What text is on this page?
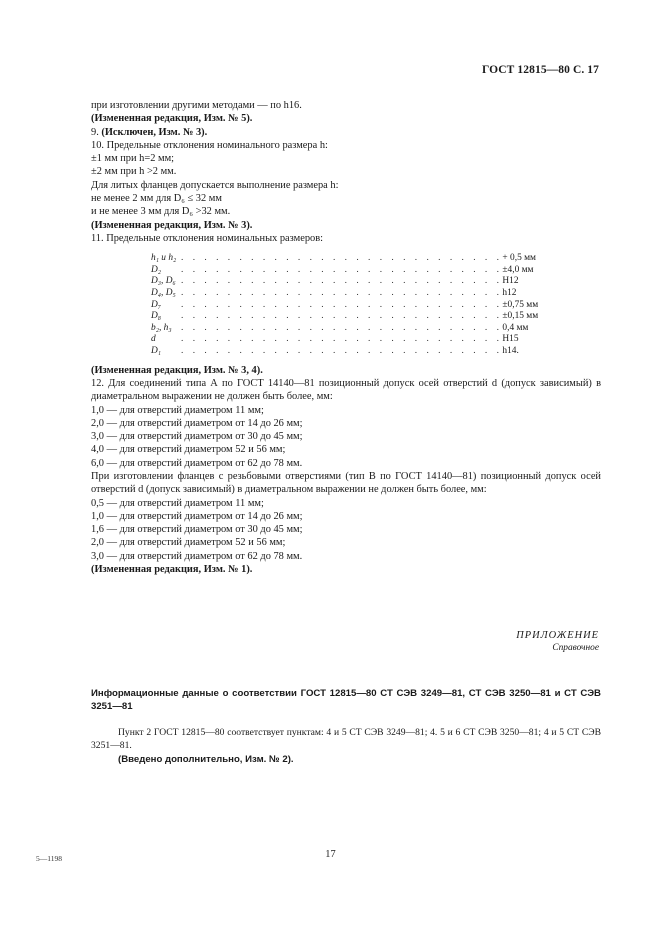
ГОСТ 12815—80 С. 17
при изготовлении другими методами — по h16.
(Измененная редакция, Изм. № 5).
9. (Исключен, Изм. № 3).
10. Предельные отклонения номинального размера h:
±1 мм при h=2 мм;
±2 мм при h >2 мм.
Для литых фланцев допускается выполнение размера h:
не менее 2 мм для D₆ ≤ 32 мм
и не менее 3 мм для D₆ >32 мм.
(Измененная редакция, Изм. № 3).
11. Предельные отклонения номинальных размеров:
h₁ и h₂	. . . . . . . . . . . . . . . . . . . . . . . . . . . .	+ 0,5 мм
D₂	. . . . . . . . . . . . . . . . . . . . . . . . . . . .	±4,0 мм
D₃, D₆	. . . . . . . . . . . . . . . . . . . . . . . . . . . .	H12
D₄, D₅	. . . . . . . . . . . . . . . . . . . . . . . . . . . .	h12
D₇	. . . . . . . . . . . . . . . . . . . . . . . . . . . .	±0,75 мм
D₈	. . . . . . . . . . . . . . . . . . . . . . . . . . . .	±0,15 мм
b₂, h₃	. . . . . . . . . . . . . . . . . . . . . . . . . . . .	0,4 мм
d	. . . . . . . . . . . . . . . . . . . . . . . . . . . .	H15
D₁	. . . . . . . . . . . . . . . . . . . . . . . . . . . .	h14.
(Измененная редакция, Изм. № 3, 4).
12. Для соединений типа А по ГОСТ 14140—81 позиционный допуск осей отверстий d (допуск зависимый) в диаметральном выражении не должен быть более, мм:
1,0 — для отверстий диаметром 11 мм;
2,0 — для отверстий диаметром от 14 до 26 мм;
3,0 — для отверстий диаметром от 30 до 45 мм;
4,0 — для отверстий диаметром 52 и 56 мм;
6,0 — для отверстий диаметром от 62 до 78 мм.
При изготовлении фланцев с резьбовыми отверстиями (тип В по ГОСТ 14140—81) позиционный допуск осей отверстий d (допуск зависимый) в диаметральном выражении не должен быть более, мм:
0,5 — для отверстий диаметром 11 мм;
1,0 — для отверстий диаметром от 14 до 26 мм;
1,6 — для отверстий диаметром от 30 до 45 мм;
2,0 — для отверстий диаметром 52 и 56 мм;
3,0 — для отверстий диаметром от 62 до 78 мм.
(Измененная редакция, Изм. № 1).
ПРИЛОЖЕНИЕ
Справочное
Информационные данные о соответствии ГОСТ 12815—80 СТ СЭВ 3249—81, СТ СЭВ 3250—81 и СТ СЭВ 3251—81
Пункт 2 ГОСТ 12815—80 соответствует пунктам: 4 и 5 СТ СЭВ 3249—81; 4. 5 и 6 СТ СЭВ 3250—81; 4 и 5 СТ СЭВ 3251—81.
(Введено дополнительно, Изм. № 2).
5—1198	17
